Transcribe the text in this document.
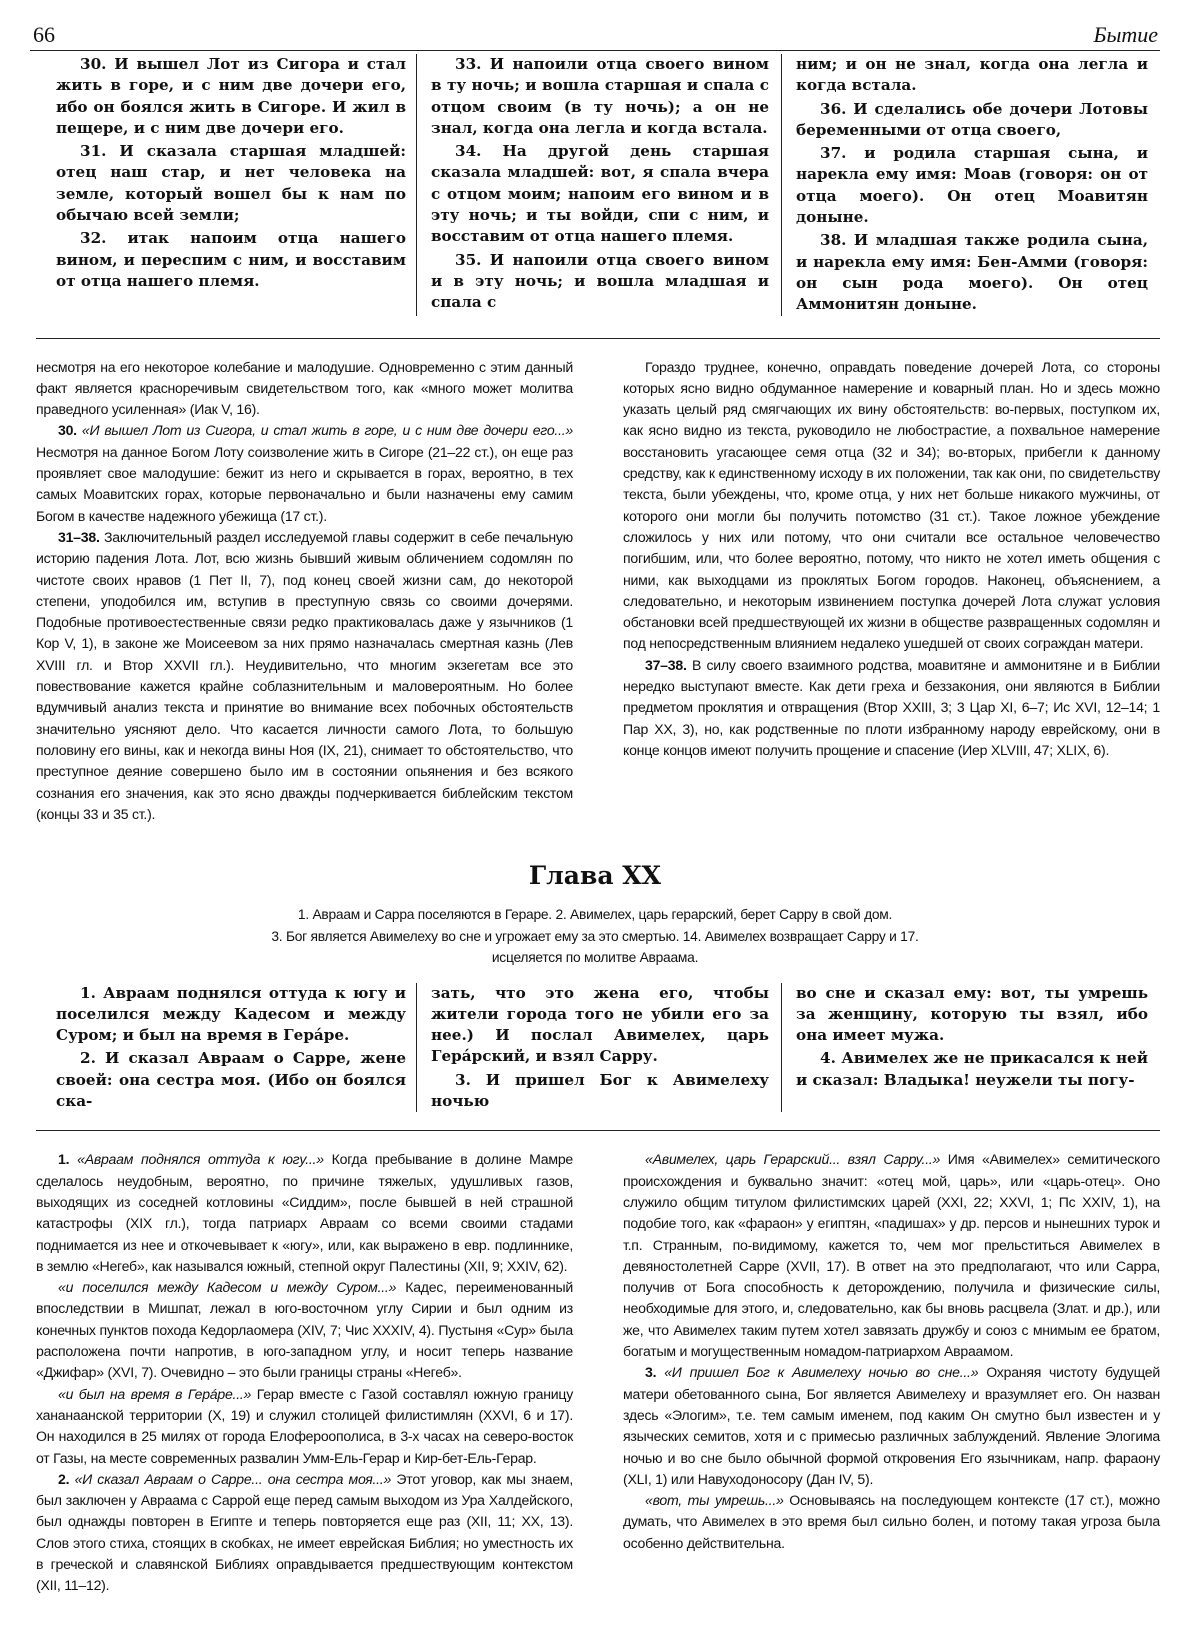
66	Бытие

30. И вышел Лот из Сигора и стал жить в горе, и с ним две дочери его, ибо он боялся жить в Сигоре. И жил в пещере, и с ним две дочери его.

31. И сказала старшая младшей: отец наш стар, и нет человека на земле, который вошел бы к нам по обычаю всей земли;

32. итак напоим отца нашего вином, и переспим с ним, и восставим от отца нашего племя.

33. И напоили отца своего вином в ту ночь; и вошла старшая и спала с отцом своим (в ту ночь); а он не знал, когда она легла и когда встала.

34. На другой день старшая сказала младшей: вот, я спала вчера с отцом моим; напоим его вином и в эту ночь; и ты войди, спи с ним, и восставим от отца нашего племя.

35. И напоили отца своего вином и в эту ночь; и вошла младшая и спала с

ним; и он не знал, когда она легла и когда встала.

36. И сделались обе дочери Лотовы беременными от отца своего,

37. и родила старшая сына, и нарекла ему имя: Моав (говоря: он от отца моего). Он отец Моавитян доныне.

38. И младшая также родила сына, и нарекла ему имя: Бен-Амми (говоря: он сын рода моего). Он отец Аммонитян доныне.

несмотря на его некоторое колебание и малодушие. Одновременно с этим данный факт является красноречивым свидетельством того, как «много может молитва праведного усиленная» (Иак V, 16).

30. «И вышел Лот из Сигора, и стал жить в горе, и с ним две дочери его...» Несмотря на данное Богом Лоту соизволение жить в Сигоре (21–22 ст.), он еще раз проявляет свое малодушие: бежит из него и скрывается в горах, вероятно, в тех самых Моавитских горах, которые первоначально и были назначены ему самим Богом в качестве надежного убежища (17 ст.).

31–38. Заключительный раздел исследуемой главы содержит в себе печальную историю падения Лота. Лот, всю жизнь бывший живым обличением содомлян по чистоте своих нравов (1 Пет II, 7), под конец своей жизни сам, до некоторой степени, уподобился им, вступив в преступную связь со своими дочерями. Подобные противоестественные связи редко практиковалась даже у язычников (1 Кор V, 1), в законе же Моисеевом за них прямо назначалась смертная казнь (Лев XVIII гл. и Втор XXVII гл.). Неудивительно, что многим экзегетам все это повествование кажется крайне соблазнительным и маловероятным. Но более вдумчивый анализ текста и принятие во внимание всех побочных обстоятельств значительно уясняют дело. Что касается личности самого Лота, то большую половину его вины, как и некогда вины Ноя (IX, 21), снимает то обстоятельство, что преступное деяние совершено было им в состоянии опьянения и без всякого сознания его значения, как это ясно дважды подчеркивается библейским текстом (концы 33 и 35 ст.).

Гораздо труднее, конечно, оправдать поведение дочерей Лота, со стороны которых ясно видно обдуманное намерение и коварный план. Но и здесь можно указать целый ряд смягчающих их вину обстоятельств: во-первых, поступком их, как ясно видно из текста, руководило не любострастие, а похвальное намерение восстановить угасающее семя отца (32 и 34); во-вторых, прибегли к данному средству, как к единственному исходу в их положении, так как они, по свидетельству текста, были убеждены, что, кроме отца, у них нет больше никакого мужчины, от которого они могли бы получить потомство (31 ст.). Такое ложное убеждение сложилось у них или потому, что они считали все остальное человечество погибшим, или, что более вероятно, потому, что никто не хотел иметь общения с ними, как выходцами из проклятых Богом городов. Наконец, объяснением, а следовательно, и некоторым извинением поступка дочерей Лота служат условия обстановки всей предшествующей их жизни в обществе развращенных содомлян и под непосредственным влиянием недалеко ушедшей от своих сограждан матери.

37–38. В силу своего взаимного родства, моавитяне и аммонитяне и в Библии нередко выступают вместе. Как дети греха и беззакония, они являются в Библии предметом проклятия и отвращения (Втор XXIII, 3; 3 Цар XI, 6–7; Ис XVI, 12–14; 1 Пар XX, 3), но, как родственные по плоти избранному народу еврейскому, они в конце концов имеют получить прощение и спасение (Иер XLVIII, 47; XLIX, 6).

Глава XX
1. Авраам и Сарра поселяются в Гераре. 2. Авимелех, царь герарский, берет Сарру в свой дом.
3. Бог является Авимелеху во сне и угрожает ему за это смертью. 14. Авимелех возвращает Сарру и 17.
исцеляется по молитве Авраама.

1. Авраам поднялся оттуда к югу и поселился между Кадесом и между Суром; и был на время в Герáре.

2. И сказал Авраам о Сарре, жене своей: она сестра моя. (Ибо он боялся ска-

зать, что это жена его, чтобы жители города того не убили его за нее.) И послал Авимелех, царь Герáрский, и взял Сарру.

3. И пришел Бог к Авимелеху ночью

во сне и сказал ему: вот, ты умрешь за женщину, которую ты взял, ибо она имеет мужа.

4. Авимелех же не прикасался к ней и сказал: Владыка! неужели ты погу-

1. «Авраам поднялся оттуда к югу...» Когда пребывание в долине Мамре сделалось неудобным, вероятно, по причине тяжелых, удушливых газов, выходящих из соседней котловины «Сиддим», после бывшей в ней страшной катастрофы (XIX гл.), тогда патриарх Авраам со всеми своими стадами поднимается из нее и откочевывает к «югу», или, как выражено в евр. подлиннике, в землю «Негеб», как назывался южный, степной округ Палестины (XII, 9; XXIV, 62).

«и поселился между Кадесом и между Суром...» Кадес, переименованный впоследствии в Мишпат, лежал в юго-восточном углу Сирии и был одним из конечных пунктов похода Кедорлаомера (XIV, 7; Чис XXXIV, 4). Пустыня «Сур» была расположена почти напротив, в юго-западном углу, и носит теперь название «Джифар» (XVI, 7). Очевидно – это были границы страны «Негеб».

«и был на время в Герáре...» Герар вместе с Газой составлял южную границу хананаанской территории (X, 19) и служил столицей филистимлян (XXVI, 6 и 17). Он находился в 25 милях от города Елофероополиса, в 3-х часах на северо-восток от Газы, на месте современных развалин Умм-Ель-Герар и Кир-бет-Ель-Герар.

2. «И сказал Авраам о Сарре... она сестра моя...» Этот уговор, как мы знаем, был заключен у Авраама с Саррой еще перед самым выходом из Ура Халдейского, был однажды повторен в Египте и теперь повторяется еще раз (XII, 11; XX, 13). Слов этого стиха, стоящих в скобках, не имеет еврейская Библия; но уместность их в греческой и славянской Библиях оправдывается предшествующим контекстом (XII, 11–12).

«Авимелех, царь Герарский... взял Сарру...» Имя «Авимелех» семитического происхождения и буквально значит: «отец мой, царь», или «царь-отец». Оно служило общим титулом филистимских царей (XXI, 22; XXVI, 1; Пс XXIV, 1), на подобие того, как «фараон» у египтян, «падишах» у др. персов и нынешних турок и т.п. Странным, по-видимому, кажется то, чем мог прельститься Авимелех в девяностолетней Сарре (XVII, 17). В ответ на это предполагают, что или Сарра, получив от Бога способность к деторождению, получила и физические силы, необходимые для этого, и, следовательно, как бы вновь расцвела (Злат. и др.), или же, что Авимелех таким путем хотел завязать дружбу и союз с мнимым ее братом, богатым и могущественным номадом-патриархом Авраамом.

3. «И пришел Бог к Авимелеху ночью во сне...» Охраняя чистоту будущей матери обетованного сына, Бог является Авимелеху и вразумляет его. Он назван здесь «Элогим», т.е. тем самым именем, под каким Он смутно был известен и у языческих семитов, хотя и с примесью различных заблуждений. Явление Элогима ночью и во сне было обычной формой откровения Его язычникам, напр. фараону (XLI, 1) или Навуходоносору (Дан IV, 5).

«вот, ты умрешь...» Основываясь на последующем контексте (17 ст.), можно думать, что Авимелех в это время был сильно болен, и потому такая угроза была особенно действительна.
